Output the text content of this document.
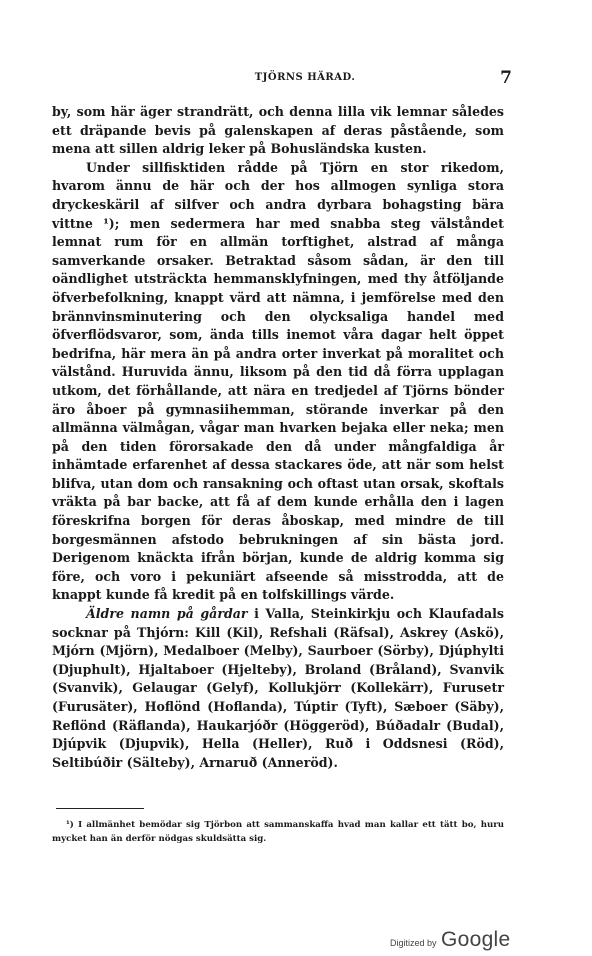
TJÖRNS HÄRAD.	7

by, som här äger strandrätt, och denna lilla vik lemnar således ett dräpande bevis på galenskapen af deras påstående, som mena att sillen aldrig leker på Bohusländska kusten.

Under sillfisktiden rådde på Tjörn en stor rikedom, hvarom ännu de här och der hos allmogen synliga stora dryckeskäril af silfver och andra dyrbara bohagsting bära vittne ¹); men sedermera har med snabba steg välståndet lemnat rum för en allmän torftighet, alstrad af många samverkande orsaker. Betraktad såsom sådan, är den till oändlighet utsträckta hemmansklyfningen, med thy åtföljande öfverbefolkning, knappt värd att nämna, i jemförelse med den brännvinsminutering och den olycksaliga handel med öfverflödsvaror, som, ända tills inemot våra dagar helt öppet bedrifna, här mera än på andra orter inverkat på moralitet och välstånd. Huruvida ännu, liksom på den tid då förra upplagan utkom, det förhållande, att nära en tredjedel af Tjörns bönder äro åboer på gymnasiihemman, störande inverkar på den allmänna välmågan, vågar man hvarken bejaka eller neka; men på den tiden förorsakade den då under mångfaldiga år inhämtade erfarenhet af dessa stackares öde, att när som helst blifva, utan dom och ransakning och oftast utan orsak, skoftals vräkta på bar backe, att få af dem kunde erhålla den i lagen föreskrifna borgen för deras åboskap, med mindre de till borgesmännen afstodo bebrukningen af sin bästa jord. Derigenom knäckta ifrån början, kunde de aldrig komma sig före, och voro i pekuniärt afseende så misstrodda, att de knappt kunde få kredit på en tolfskillings värde.

Äldre namn på gårdar i Valla, Steinkirkju och Klaufadals socknar på Thjórn: Kill (Kil), Refshali (Räfsal), Askrey (Askö), Mjórn (Mjörn), Medalboer (Melby), Saurboer (Sörby), Djúphylti (Djuphult), Hjaltaboer (Hjelteby), Broland (Bråland), Svanvik (Svanvik), Gelaugar (Gelyf), Kollukjörr (Kollekärr), Furusetr (Furusäter), Hoflönd (Hoflanda), Túptir (Tyft), Sæboer (Säby), Reflönd (Räflanda), Haukarjóðr (Höggeröd), Búðadalr (Budal), Djúpvik (Djupvik), Hella (Heller), Ruð i Oddsnesi (Röd), Seltibúðir (Sälteby), Arnaruð (Anneröd).

¹) I allmänhet bemödar sig Tjörbon att sammanskaffa hvad man kallar ett tätt bo, huru mycket han än derför nödgas skuldsätta sig.
Digitized by Google
